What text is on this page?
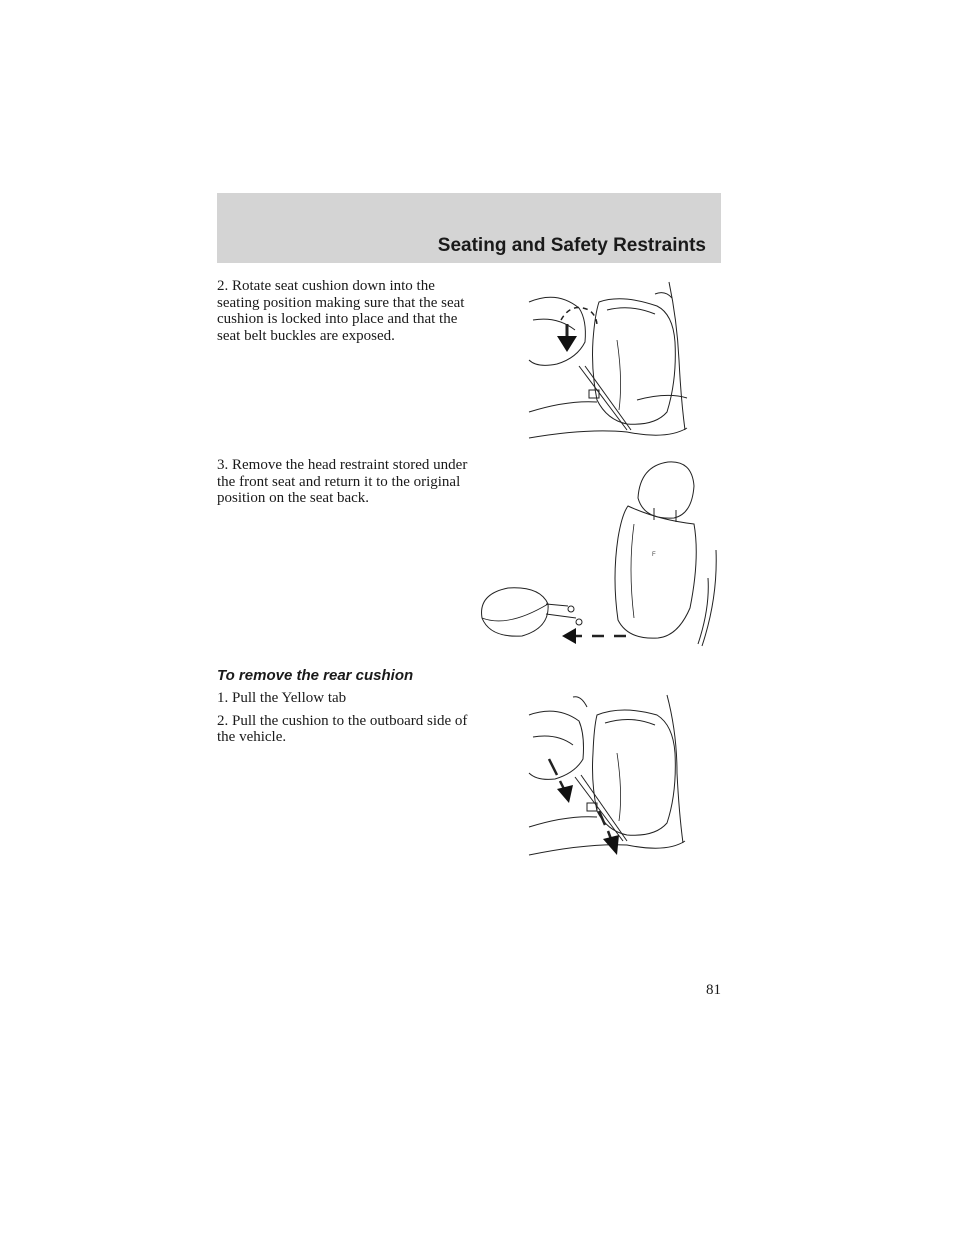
Seating and Safety Restraints

2. Rotate seat cushion down into the seating position making sure that the seat cushion is locked into place and that the seat belt buckles are exposed.

3. Remove the head restraint stored under the front seat and return it to the original position on the seat back.

F
To remove the rear cushion

1. Pull the Yellow tab

2. Pull the cushion to the outboard side of the vehicle.

81
